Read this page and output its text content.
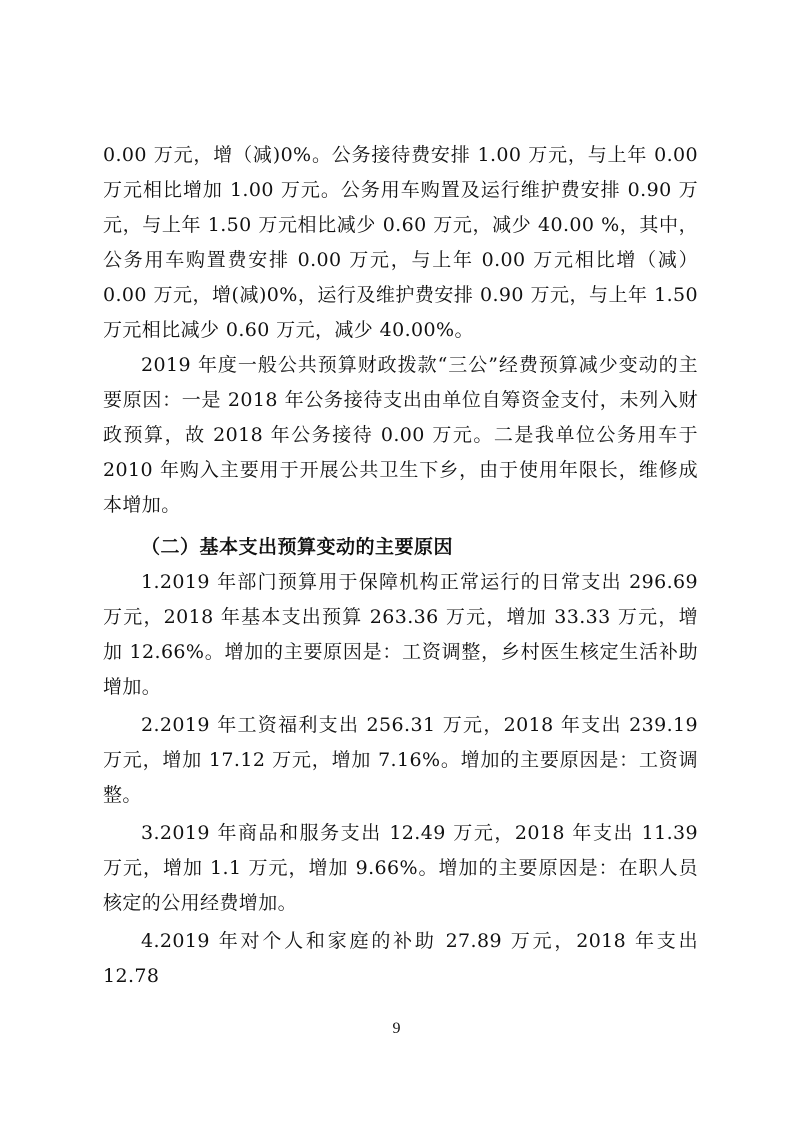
0.00 万元，增（减)0%。公务接待费安排 1.00 万元，与上年 0.00 万元相比增加 1.00 万元。公务用车购置及运行维护费安排 0.90 万元，与上年 1.50 万元相比减少 0.60 万元，减少 40.00 %，其中，公务用车购置费安排 0.00 万元，与上年 0.00 万元相比增（减）0.00 万元，增(减)0%，运行及维护费安排 0.90 万元，与上年 1.50 万元相比减少 0.60 万元，减少 40.00%。

2019 年度一般公共预算财政拨款“三公”经费预算减少变动的主要原因：一是 2018 年公务接待支出由单位自筹资金支付，未列入财政预算，故 2018 年公务接待 0.00 万元。二是我单位公务用车于 2010 年购入主要用于开展公共卫生下乡，由于使用年限长，维修成本增加。

（二）基本支出预算变动的主要原因

1.2019 年部门预算用于保障机构正常运行的日常支出 296.69 万元，2018 年基本支出预算 263.36 万元，增加 33.33 万元，增加 12.66%。增加的主要原因是：工资调整，乡村医生核定生活补助增加。

2.2019 年工资福利支出 256.31 万元，2018 年支出 239.19 万元，增加 17.12 万元，增加 7.16%。增加的主要原因是：工资调整。

3.2019 年商品和服务支出 12.49 万元，2018 年支出 11.39 万元，增加 1.1 万元，增加 9.66%。增加的主要原因是：在职人员核定的公用经费增加。

4.2019 年对个人和家庭的补助 27.89 万元，2018 年支出 12.78

9
